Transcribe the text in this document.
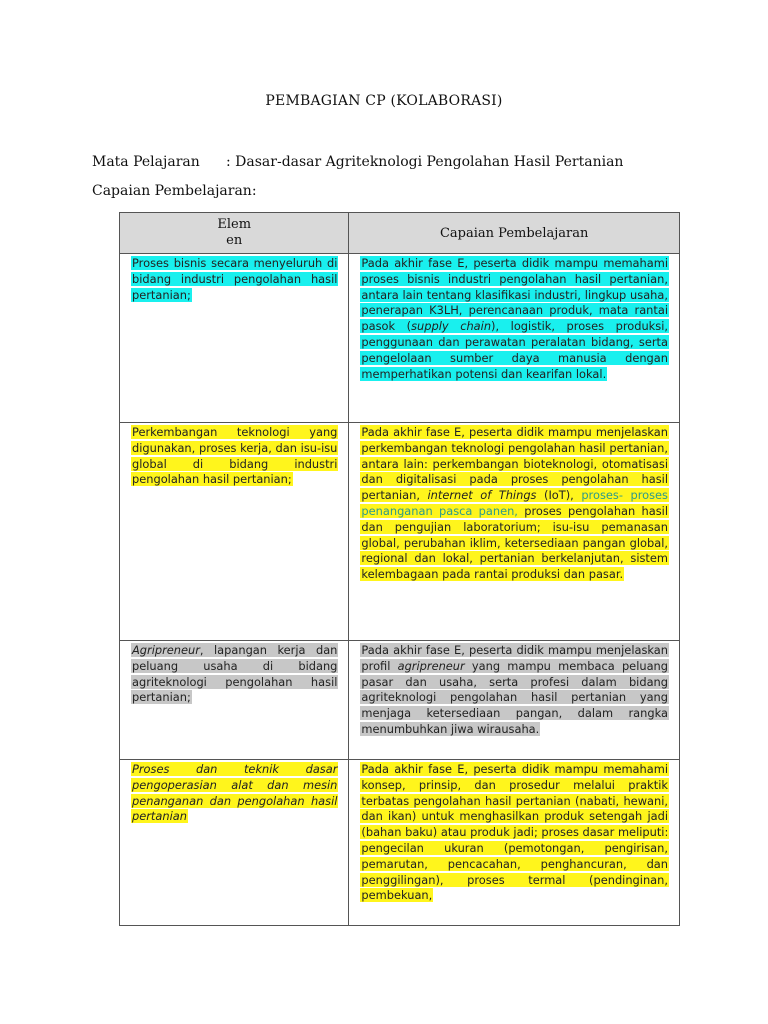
PEMBAGIAN CP (KOLABORASI)
Mata Pelajaran : Dasar-dasar Agriteknologi Pengolahan Hasil Pertanian
Capaian Pembelajaran:
Elem
en	Capaian Pembelajaran

Proses bisnis secara menyeluruh di bidang industri pengolahan hasil pertanian;	Pada akhir fase E, peserta didik mampu memahami proses bisnis industri pengolahan hasil pertanian, antara lain tentang klasifikasi industri, lingkup usaha, penerapan K3LH, perencanaan produk, mata rantai pasok (supply chain), logistik, proses produksi, penggunaan dan perawatan peralatan bidang, serta pengelolaan sumber daya manusia dengan memperhatikan potensi dan kearifan lokal.

Perkembangan teknologi yang digunakan, proses kerja, dan isu-isu global di bidang industri pengolahan hasil pertanian;	Pada akhir fase E, peserta didik mampu menjelaskan perkembangan teknologi pengolahan hasil pertanian, antara lain: perkembangan bioteknologi, otomatisasi dan digitalisasi pada proses pengolahan hasil pertanian, internet of Things (IoT), proses- proses penanganan pasca panen, proses pengolahan hasil dan pengujian laboratorium; isu-isu pemanasan global, perubahan iklim, ketersediaan pangan global, regional dan lokal, pertanian berkelanjutan, sistem kelembagaan pada rantai produksi dan pasar.

Agripreneur, lapangan kerja dan peluang usaha di bidang agriteknologi pengolahan hasil pertanian;	Pada akhir fase E, peserta didik mampu menjelaskan profil agripreneur yang mampu membaca peluang pasar dan usaha, serta profesi dalam bidang agriteknologi pengolahan hasil pertanian yang menjaga ketersediaan pangan, dalam rangka menumbuhkan jiwa wirausaha.

Proses dan teknik dasar pengoperasian alat dan mesin penanganan dan pengolahan hasil pertanian	Pada akhir fase E, peserta didik mampu memahami konsep, prinsip, dan prosedur melalui praktik terbatas pengolahan hasil pertanian (nabati, hewani, dan ikan) untuk menghasilkan produk setengah jadi (bahan baku) atau produk jadi; proses dasar meliputi: pengecilan ukuran (pemotongan, pengirisan, pemarutan, pencacahan, penghancuran, dan penggilingan), proses termal (pendinginan, pembekuan,
